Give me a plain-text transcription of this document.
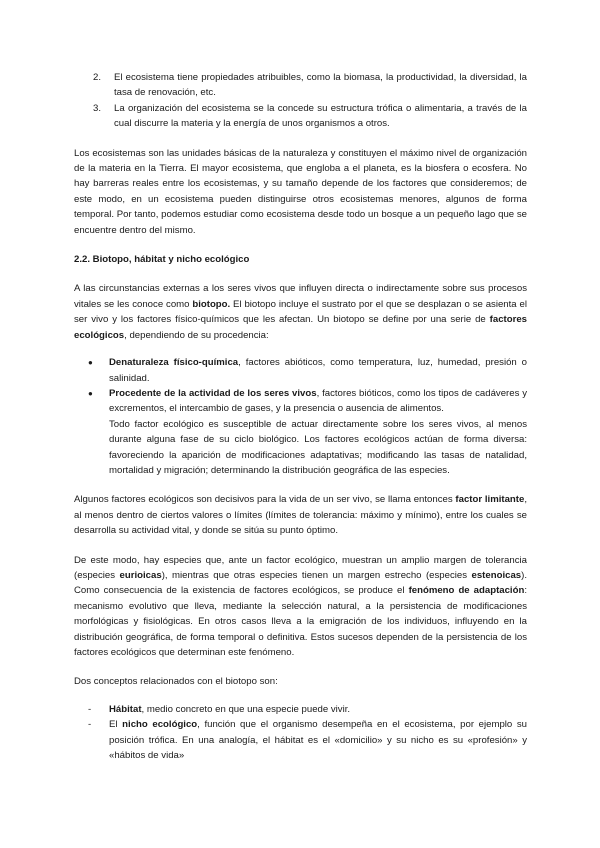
2.	El ecosistema tiene propiedades atribuibles, como la biomasa, la productividad, la diversidad, la tasa de renovación, etc.
3.	La organización del ecosistema se la concede su estructura trófica o alimentaria, a través de la cual discurre la materia y la energía de unos organismos a otros.

Los ecosistemas son las unidades básicas de la naturaleza y constituyen el máximo nivel de organización de la materia en la Tierra. El mayor ecosistema, que engloba a el planeta, es la biosfera o ecosfera. No hay barreras reales entre los ecosistemas, y su tamaño depende de los factores que consideremos; de este modo, en un ecosistema pueden distinguirse otros ecosistemas menores, algunos de forma temporal. Por tanto, podemos estudiar como ecosistema desde todo un bosque a un pequeño lago que se encuentre dentro del mismo.

2.2. Biotopo, hábitat y nicho ecológico

A las circunstancias externas a los seres vivos que influyen directa o indirectamente sobre sus procesos vitales se les conoce como biotopo. El biotopo incluye el sustrato por el que se desplazan o se asienta el ser vivo y los factores físico-químicos que les afectan. Un biotopo se define por una serie de factores ecológicos, dependiendo de su procedencia:

●	Denaturaleza físico-química, factores abióticos, como temperatura, luz, humedad, presión o salinidad.
●	Procedente de la actividad de los seres vivos, factores bióticos, como los tipos de cadáveres y excrementos, el intercambio de gases, y la presencia o ausencia de alimentos.

Todo factor ecológico es susceptible de actuar directamente sobre los seres vivos, al menos durante alguna fase de su ciclo biológico. Los factores ecológicos actúan de forma diversa: favoreciendo la aparición de modificaciones adaptativas; modificando las tasas de natalidad, mortalidad y migración; determinando la distribución geográfica de las especies.

Algunos factores ecológicos son decisivos para la vida de un ser vivo, se llama entonces factor limitante, al menos dentro de ciertos valores o límites (límites de tolerancia: máximo y mínimo), entre los cuales se desarrolla su actividad vital, y donde se sitúa su punto óptimo.

De este modo, hay especies que, ante un factor ecológico, muestran un amplio margen de tolerancia (especies eurioicas), mientras que otras especies tienen un margen estrecho (especies estenoicas). Como consecuencia de la existencia de factores ecológicos, se produce el fenómeno de adaptación: mecanismo evolutivo que lleva, mediante la selección natural, a la persistencia de modificaciones morfológicas y fisiológicas. En otros casos lleva a la emigración de los individuos, influyendo en la distribución geográfica, de forma temporal o definitiva. Estos sucesos dependen de la persistencia de los factores ecológicos que determinan este fenómeno.

Dos conceptos relacionados con el biotopo son:

-	Hábitat, medio concreto en que una especie puede vivir.
-	El nicho ecológico, función que el organismo desempeña en el ecosistema, por ejemplo su posición trófica. En una analogía, el hábitat es el «domicilio» y su nicho es su «profesión» y «hábitos de vida»
